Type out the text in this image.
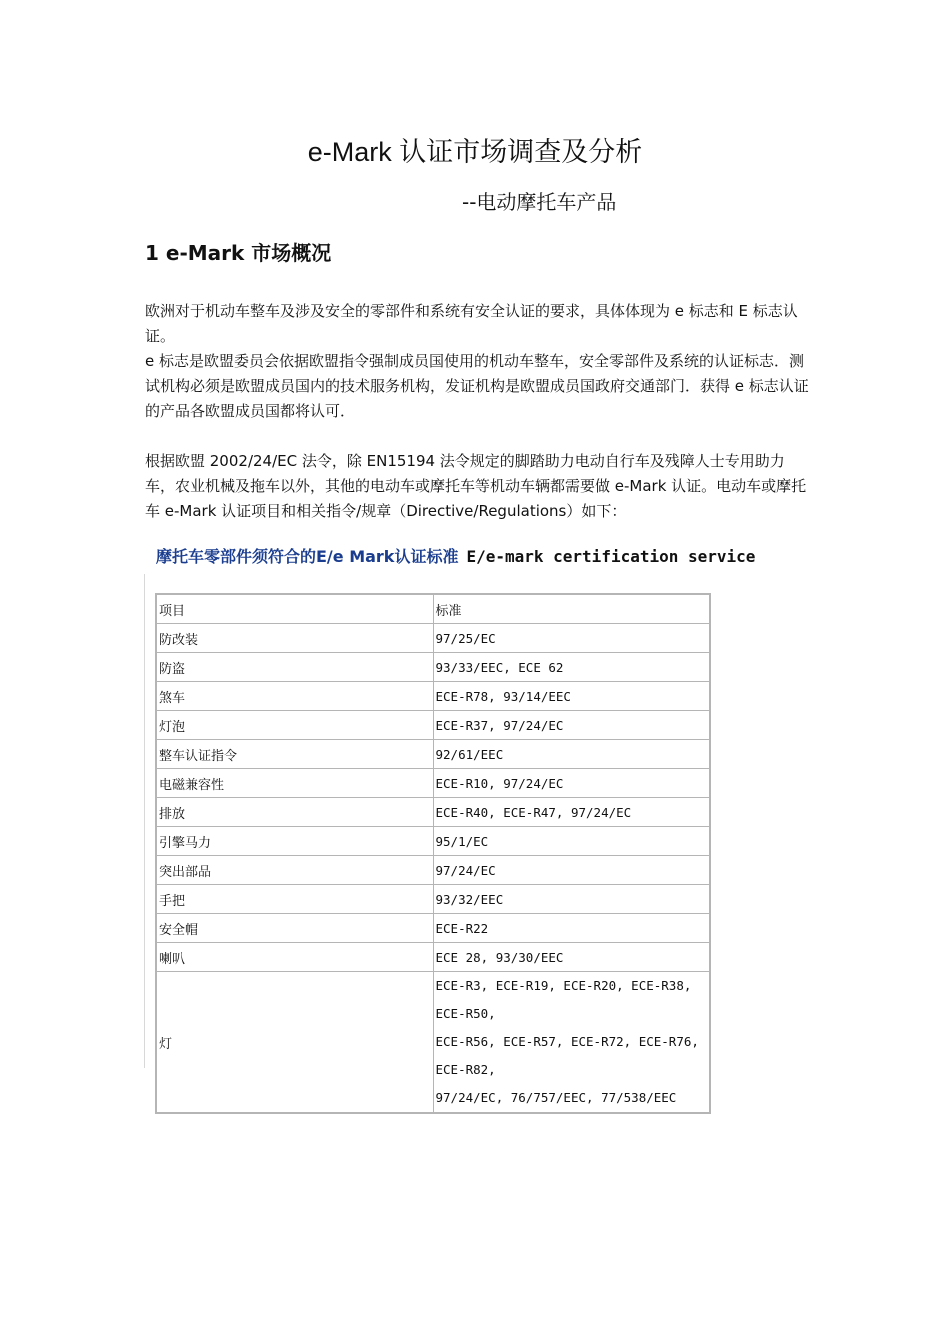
e-Mark 认证市场调查及分析
--电动摩托车产品
1 e-Mark 市场概况
欧洲对于机动车整车及涉及安全的零部件和系统有安全认证的要求，具体体现为 e 标志和 E 标志认证。
e 标志是欧盟委员会依据欧盟指令强制成员国使用的机动车整车，安全零部件及系统的认证标志．测试机构必须是欧盟成员国内的技术服务机构，发证机构是欧盟成员国政府交通部门．获得 e 标志认证的产品各欧盟成员国都将认可．
根据欧盟 2002/24/EC 法令，除 EN15194 法令规定的脚踏助力电动自行车及残障人士专用助力车，农业机械及拖车以外，其他的电动车或摩托车等机动车辆都需要做 e-Mark 认证。电动车或摩托车 e-Mark 认证项目和相关指令/规章（Directive/Regulations）如下：
摩托车零部件须符合的E/e Mark认证标准 E/e-mark certification service
项目	标准
防改装	97/25/EC
防盗	93/33/EEC, ECE 62
煞车	ECE-R78, 93/14/EEC
灯泡	ECE-R37, 97/24/EC
整车认证指令	92/61/EEC
电磁兼容性	ECE-R10, 97/24/EC
排放	ECE-R40, ECE-R47, 97/24/EC
引擎马力	95/1/EC
突出部品	97/24/EC
手把	93/32/EEC
安全帽	ECE-R22
喇叭	ECE 28, 93/30/EEC
灯	ECE-R3, ECE-R19, ECE-R20, ECE-R38, ECE-R50,
ECE-R56, ECE-R57, ECE-R72, ECE-R76, ECE-R82,
97/24/EC, 76/757/EEC, 77/538/EEC
